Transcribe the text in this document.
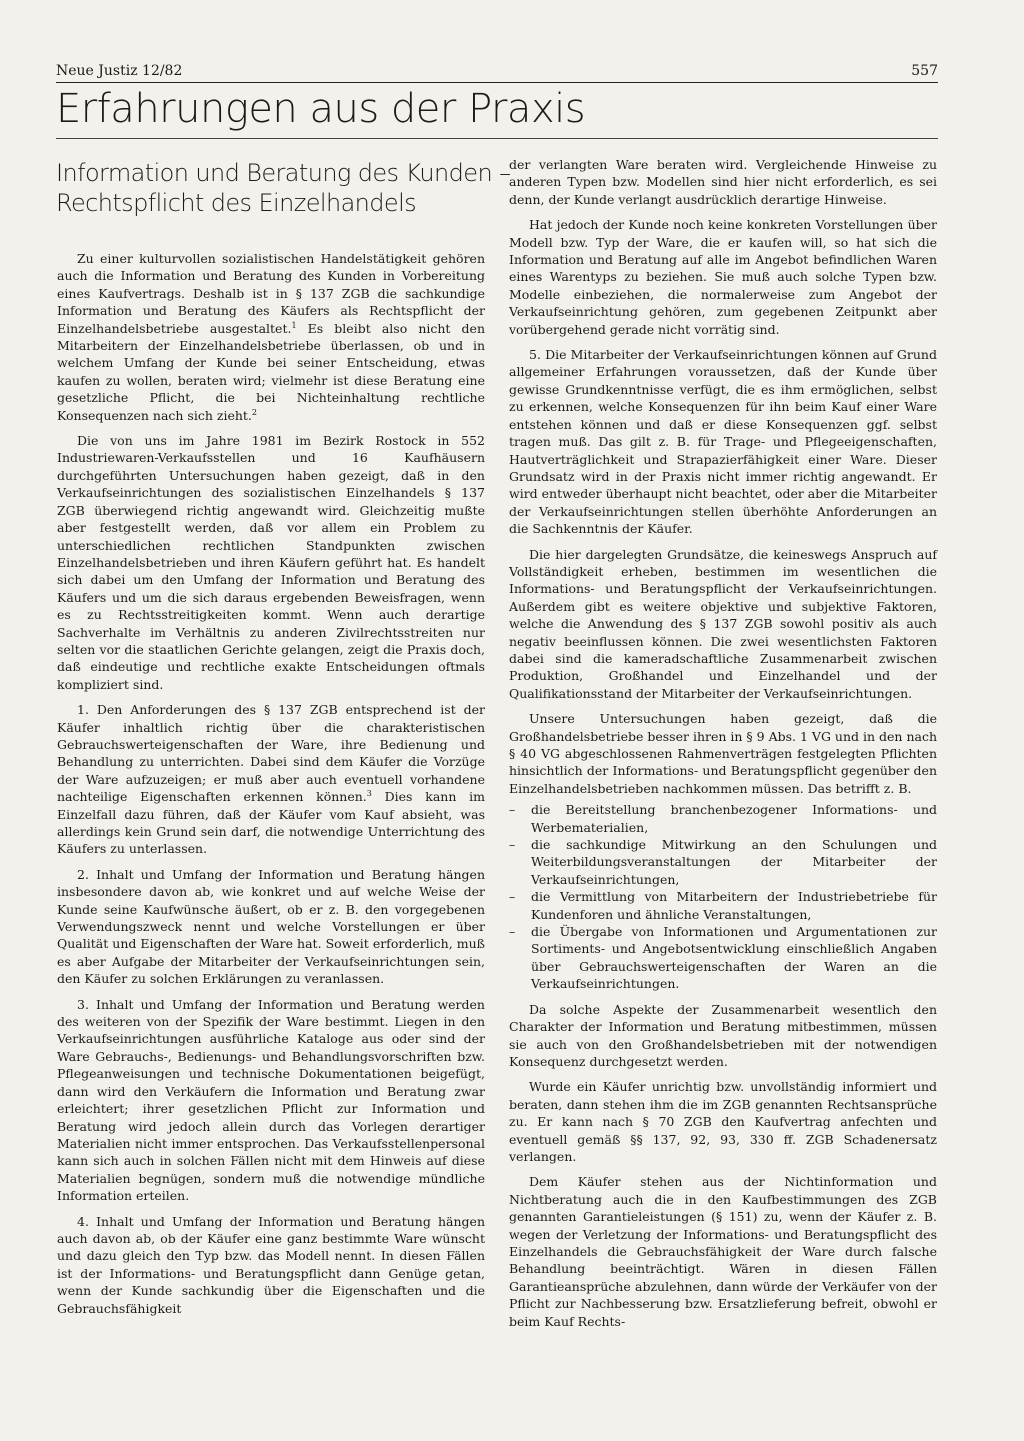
Neue Justiz 12/82	557
Erfahrungen aus der Praxis
Information und Beratung des Kunden –
Rechtspflicht des Einzelhandels

Zu einer kulturvollen sozialistischen Handelstätigkeit gehören auch die Information und Beratung des Kunden in Vorbereitung eines Kaufvertrags. Deshalb ist in § 137 ZGB die sachkundige Information und Beratung des Käufers als Rechtspflicht der Einzelhandelsbetriebe ausgestaltet.$^1$ Es bleibt also nicht den Mitarbeitern der Einzelhandelsbetriebe überlassen, ob und in welchem Umfang der Kunde bei seiner Entscheidung, etwas kaufen zu wollen, beraten wird; vielmehr ist diese Beratung eine gesetzliche Pflicht, die bei Nichteinhaltung rechtliche Konsequenzen nach sich zieht.$^2$

Die von uns im Jahre 1981 im Bezirk Rostock in 552 Industriewaren-Verkaufsstellen und 16 Kaufhäusern durchgeführten Untersuchungen haben gezeigt, daß in den Verkaufseinrichtungen des sozialistischen Einzelhandels § 137 ZGB überwiegend richtig angewandt wird. Gleichzeitig mußte aber festgestellt werden, daß vor allem ein Problem zu unterschiedlichen rechtlichen Standpunkten zwischen Einzelhandelsbetrieben und ihren Käufern geführt hat. Es handelt sich dabei um den Umfang der Information und Beratung des Käufers und um die sich daraus ergebenden Beweisfragen, wenn es zu Rechtsstreitigkeiten kommt. Wenn auch derartige Sachverhalte im Verhältnis zu anderen Zivilrechtsstreiten nur selten vor die staatlichen Gerichte gelangen, zeigt die Praxis doch, daß eindeutige und rechtliche exakte Entscheidungen oftmals kompliziert sind.

1. Den Anforderungen des § 137 ZGB entsprechend ist der Käufer inhaltlich richtig über die charakteristischen Gebrauchswerteigenschaften der Ware, ihre Bedienung und Behandlung zu unterrichten. Dabei sind dem Käufer die Vorzüge der Ware aufzuzeigen; er muß aber auch eventuell vorhandene nachteilige Eigenschaften erkennen können.$^3$ Dies kann im Einzelfall dazu führen, daß der Käufer vom Kauf absieht, was allerdings kein Grund sein darf, die notwendige Unterrichtung des Käufers zu unterlassen.

2. Inhalt und Umfang der Information und Beratung hängen insbesondere davon ab, wie konkret und auf welche Weise der Kunde seine Kaufwünsche äußert, ob er z. B. den vorgegebenen Verwendungszweck nennt und welche Vorstellungen er über Qualität und Eigenschaften der Ware hat. Soweit erforderlich, muß es aber Aufgabe der Mitarbeiter der Verkaufseinrichtungen sein, den Käufer zu solchen Erklärungen zu veranlassen.

3. Inhalt und Umfang der Information und Beratung werden des weiteren von der Spezifik der Ware bestimmt. Liegen in den Verkaufseinrichtungen ausführliche Kataloge aus oder sind der Ware Gebrauchs-, Bedienungs- und Behandlungsvorschriften bzw. Pflegeanweisungen und technische Dokumentationen beigefügt, dann wird den Verkäufern die Information und Beratung zwar erleichtert; ihrer gesetzlichen Pflicht zur Information und Beratung wird jedoch allein durch das Vorlegen derartiger Materialien nicht immer entsprochen. Das Verkaufsstellenpersonal kann sich auch in solchen Fällen nicht mit dem Hinweis auf diese Materialien begnügen, sondern muß die notwendige mündliche Information erteilen.

4. Inhalt und Umfang der Information und Beratung hängen auch davon ab, ob der Käufer eine ganz bestimmte Ware wünscht und dazu gleich den Typ bzw. das Modell nennt. In diesen Fällen ist der Informations- und Beratungspflicht dann Genüge getan, wenn der Kunde sachkundig über die Eigenschaften und die Gebrauchsfähigkeit

der verlangten Ware beraten wird. Vergleichende Hinweise zu anderen Typen bzw. Modellen sind hier nicht erforderlich, es sei denn, der Kunde verlangt ausdrücklich derartige Hinweise.

Hat jedoch der Kunde noch keine konkreten Vorstellungen über Modell bzw. Typ der Ware, die er kaufen will, so hat sich die Information und Beratung auf alle im Angebot befindlichen Waren eines Warentyps zu beziehen. Sie muß auch solche Typen bzw. Modelle einbeziehen, die normalerweise zum Angebot der Verkaufseinrichtung gehören, zum gegebenen Zeitpunkt aber vorübergehend gerade nicht vorrätig sind.

5. Die Mitarbeiter der Verkaufseinrichtungen können auf Grund allgemeiner Erfahrungen voraussetzen, daß der Kunde über gewisse Grundkenntnisse verfügt, die es ihm ermöglichen, selbst zu erkennen, welche Konsequenzen für ihn beim Kauf einer Ware entstehen können und daß er diese Konsequenzen ggf. selbst tragen muß. Das gilt z. B. für Trage- und Pflegeeigenschaften, Hautverträglichkeit und Strapazierfähigkeit einer Ware. Dieser Grundsatz wird in der Praxis nicht immer richtig angewandt. Er wird entweder überhaupt nicht beachtet, oder aber die Mitarbeiter der Verkaufseinrichtungen stellen überhöhte Anforderungen an die Sachkenntnis der Käufer.

Die hier dargelegten Grundsätze, die keineswegs Anspruch auf Vollständigkeit erheben, bestimmen im wesentlichen die Informations- und Beratungspflicht der Verkaufseinrichtungen. Außerdem gibt es weitere objektive und subjektive Faktoren, welche die Anwendung des § 137 ZGB sowohl positiv als auch negativ beeinflussen können. Die zwei wesentlichsten Faktoren dabei sind die kameradschaftliche Zusammenarbeit zwischen Produktion, Großhandel und Einzelhandel und der Qualifikationsstand der Mitarbeiter der Verkaufseinrichtungen.

Unsere Untersuchungen haben gezeigt, daß die Großhandelsbetriebe besser ihren in § 9 Abs. 1 VG und in den nach § 40 VG abgeschlossenen Rahmenverträgen festgelegten Pflichten hinsichtlich der Informations- und Beratungspflicht gegenüber den Einzelhandelsbetrieben nachkommen müssen. Das betrifft z. B.

– die Bereitstellung branchenbezogener Informations- und Werbematerialien,
– die sachkundige Mitwirkung an den Schulungen und Weiterbildungsveranstaltungen der Mitarbeiter der Verkaufseinrichtungen,
– die Vermittlung von Mitarbeitern der Industriebetriebe für Kundenforen und ähnliche Veranstaltungen,
– die Übergabe von Informationen und Argumentationen zur Sortiments- und Angebotsentwicklung einschließlich Angaben über Gebrauchswerteigenschaften der Waren an die Verkaufseinrichtungen.

Da solche Aspekte der Zusammenarbeit wesentlich den Charakter der Information und Beratung mitbestimmen, müssen sie auch von den Großhandelsbetrieben mit der notwendigen Konsequenz durchgesetzt werden.

Wurde ein Käufer unrichtig bzw. unvollständig informiert und beraten, dann stehen ihm die im ZGB genannten Rechtsansprüche zu. Er kann nach § 70 ZGB den Kaufvertrag anfechten und eventuell gemäß §§ 137, 92, 93, 330 ff. ZGB Schadenersatz verlangen.

Dem Käufer stehen aus der Nichtinformation und Nichtberatung auch die in den Kaufbestimmungen des ZGB genannten Garantieleistungen (§ 151) zu, wenn der Käufer z. B. wegen der Verletzung der Informations- und Beratungspflicht des Einzelhandels die Gebrauchsfähigkeit der Ware durch falsche Behandlung beeinträchtigt. Wären in diesen Fällen Garantieansprüche abzulehnen, dann würde der Verkäufer von der Pflicht zur Nachbesserung bzw. Ersatzlieferung befreit, obwohl er beim Kauf Rechts-
